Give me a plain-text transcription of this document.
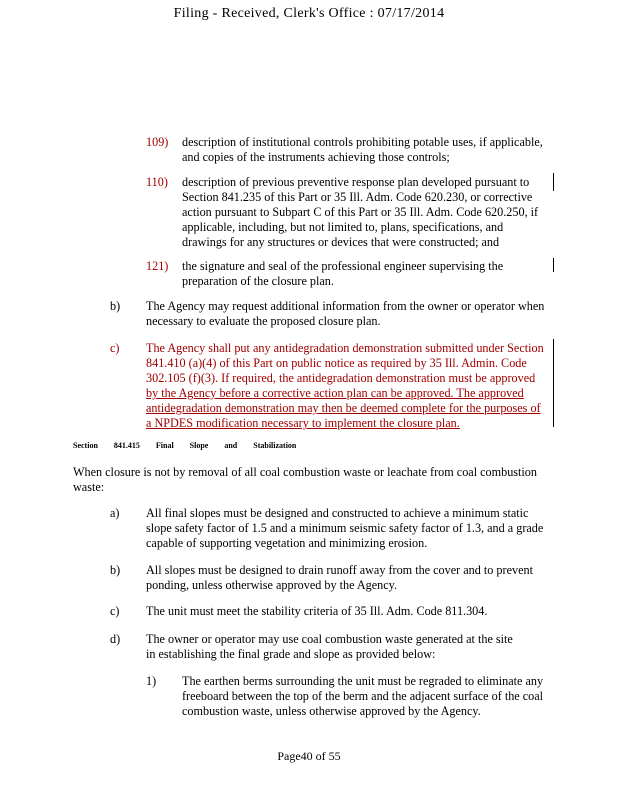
Filing - Received, Clerk's Office : 07/17/2014
109) description of institutional controls prohibiting potable uses, if applicable,
and copies of the instruments achieving those controls;
110) description of previous preventive response plan developed pursuant to
Section 841.235 of this Part or 35 Ill. Adm. Code 620.230, or corrective
action pursuant to Subpart C of this Part or 35 Ill. Adm. Code 620.250, if
applicable, including, but not limited to, plans, specifications, and
drawings for any structures or devices that were constructed; and
121) the signature and seal of the professional engineer supervising the
preparation of the closure plan.
b) The Agency may request additional information from the owner or operator when
necessary to evaluate the proposed closure plan.
c) The Agency shall put any antidegradation demonstration submitted under Section
841.410 (a)(4) of this Part on public notice as required by 35 Ill. Admin. Code
302.105 (f)(3). If required, the antidegradation demonstration must be approved
by the Agency before a corrective action plan can be approved. The approved
antidegradation demonstration may then be deemed complete for the purposes of
a NPDES modification necessary to implement the closure plan.
Section 841.415 Final Slope and Stabilization
When closure is not by removal of all coal combustion waste or leachate from coal combustion
waste:
a) All final slopes must be designed and constructed to achieve a minimum static
slope safety factor of 1.5 and a minimum seismic safety factor of 1.3, and a grade
capable of supporting vegetation and minimizing erosion.
b) All slopes must be designed to drain runoff away from the cover and to prevent
ponding, unless otherwise approved by the Agency.
c) The unit must meet the stability criteria of 35 Ill. Adm. Code 811.304.
d) The owner or operator may use coal combustion waste generated at the site
in establishing the final grade and slope as provided below:
1) The earthen berms surrounding the unit must be regraded to eliminate any
freeboard between the top of the berm and the adjacent surface of the coal
combustion waste, unless otherwise approved by the Agency.
Page40 of 55
